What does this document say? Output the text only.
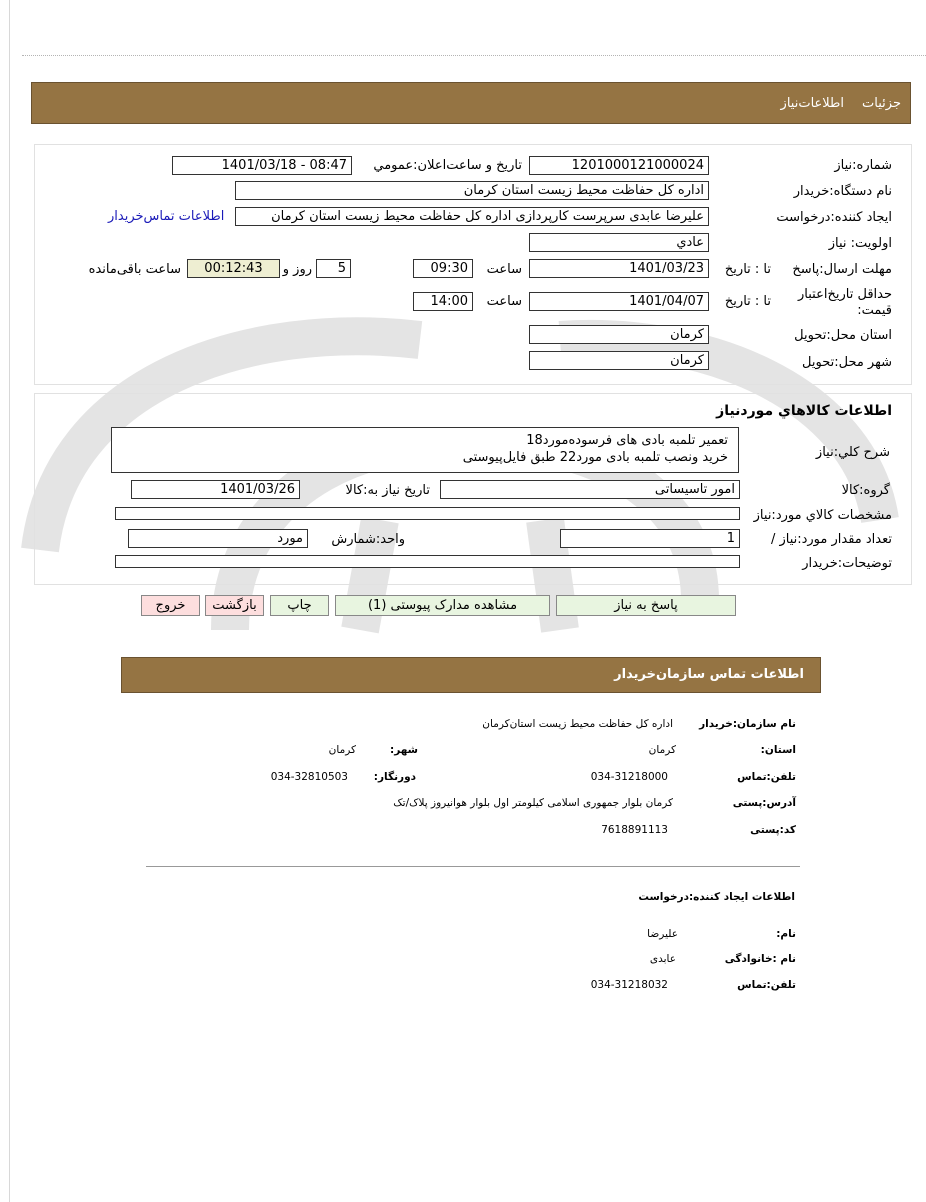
جزئیات
اطلاعات‌نیاز
شماره:نیاز
1201000121000024
تاریخ و ساعت‌اعلان:عمومي
1401/03/18 - 08:47
نام دستگاه:خریدار
اداره کل حفاظت محیط زیست استان کرمان
ایجاد کننده:درخواست
علیرضا عابدی سرپرست کارپردازی اداره کل حفاظت محیط زیست استان کرمان
اطلاعات تماس‌خریدار
اولویت: نیاز
عادي
مهلت ارسال:پاسخ
تا : تاریخ
1401/03/23
ساعت
09:30
5
روز و
00:12:43
ساعت باقی‌مانده
حداقل تاریخ‌اعتبار
:قیمت
تا : تاریخ
1401/04/07
ساعت
14:00
استان محل:تحویل
کرمان
شهر محل:تحویل
کرمان
اطلاعات کالاهاي موردنياز
شرح کلي:نياز
تعمیر تلمبه بادی های فرسوده‌مورد18
خرید ونصب تلمبه بادی مورد22 طبق فایل‌پیوستی
گروه:کالا
امور تاسیساتی
تاریخ نیاز به:کالا
1401/03/26
مشخصات کالاي مورد:نياز
/ تعداد مقدار مورد:نياز
1
واحد:شمارش
مورد
توضیحات:خریدار
پاسخ به نیاز
مشاهده مدارک پیوستی (1)
چاپ
بازگشت
خروج
اطلاعات تماس سازمان‌خریدار
نام سازمان:خریدار
اداره کل حفاظت محیط زیست استان‌کرمان
:استان
کرمان
:شهر
کرمان
تلفن:تماس
034-31218000
:دورنگار
034-32810503
آدرس:پستی
کرمان بلوار جمهوری اسلامی کیلومتر اول بلوار هوانیروز پلاک/تک
کد:پستی
7618891113
اطلاعات ایجاد کننده:درخواست
:نام
علیرضا
نام :خانوادگی
عابدی
تلفن:تماس
034-31218032
